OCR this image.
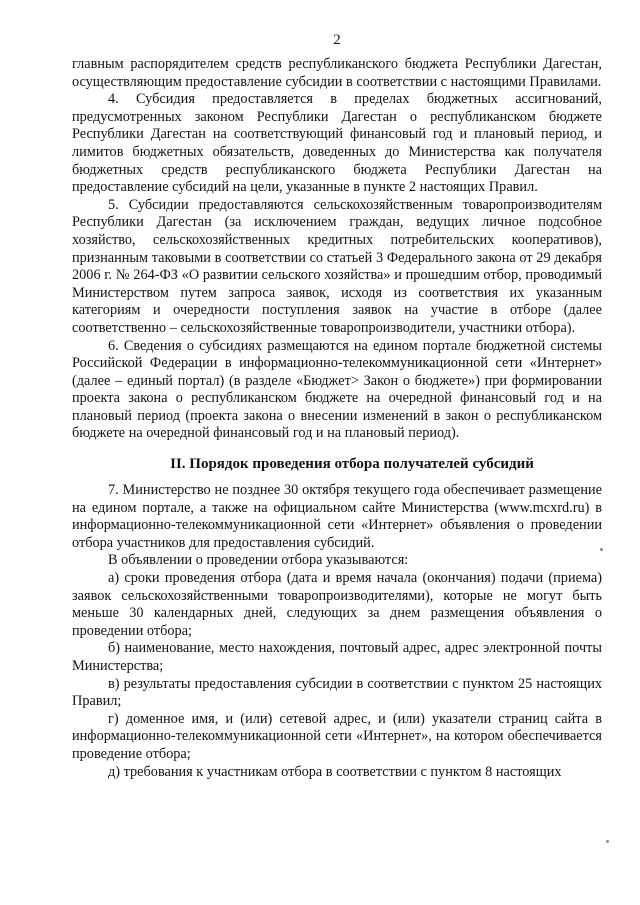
2

главным распорядителем средств республиканского бюджета Республики Дагестан, осуществляющим предоставление субсидии в соответствии с настоящими Правилами.

4. Субсидия предоставляется в пределах бюджетных ассигнований, предусмотренных законом Республики Дагестан о республиканском бюджете Республики Дагестан на соответствующий финансовый год и плановый период, и лимитов бюджетных обязательств, доведенных до Министерства как получателя бюджетных средств республиканского бюджета Республики Дагестан на предоставление субсидий на цели, указанные в пункте 2 настоящих Правил.

5. Субсидии предоставляются сельскохозяйственным товаропроизводителям Республики Дагестан (за исключением граждан, ведущих личное подсобное хозяйство, сельскохозяйственных кредитных потребительских кооперативов), признанным таковыми в соответствии со статьей 3 Федерального закона от 29 декабря 2006 г. № 264-ФЗ «О развитии сельского хозяйства» и прошедшим отбор, проводимый Министерством путем запроса заявок, исходя из соответствия их указанным категориям и очередности поступления заявок на участие в отборе (далее соответственно – сельскохозяйственные товаропроизводители, участники отбора).

6. Сведения о субсидиях размещаются на едином портале бюджетной системы Российской Федерации в информационно-телекоммуникационной сети «Интернет» (далее – единый портал) (в разделе «Бюджет> Закон о бюджете») при формировании проекта закона о республиканском бюджете на очередной финансовый год и на плановый период (проекта закона о внесении изменений в закон о республиканском бюджете на очередной финансовый год и на плановый период).

II. Порядок проведения отбора получателей субсидий

7. Министерство не позднее 30 октября текущего года обеспечивает размещение на едином портале, а также на официальном сайте Министерства (www.mcxrd.ru) в информационно-телекоммуникационной сети «Интернет» объявления о проведении отбора участников для предоставления субсидий.

В объявлении о проведении отбора указываются:

а) сроки проведения отбора (дата и время начала (окончания) подачи (приема) заявок сельскохозяйственными товаропроизводителями), которые не могут быть меньше 30 календарных дней, следующих за днем размещения объявления о проведении отбора;

б) наименование, место нахождения, почтовый адрес, адрес электронной почты Министерства;

в) результаты предоставления субсидии в соответствии с пунктом 25 настоящих Правил;

г) доменное имя, и (или) сетевой адрес, и (или) указатели страниц сайта в информационно-телекоммуникационной сети «Интернет», на котором обеспечивается проведение отбора;

д) требования к участникам отбора в соответствии с пунктом 8 настоящих
